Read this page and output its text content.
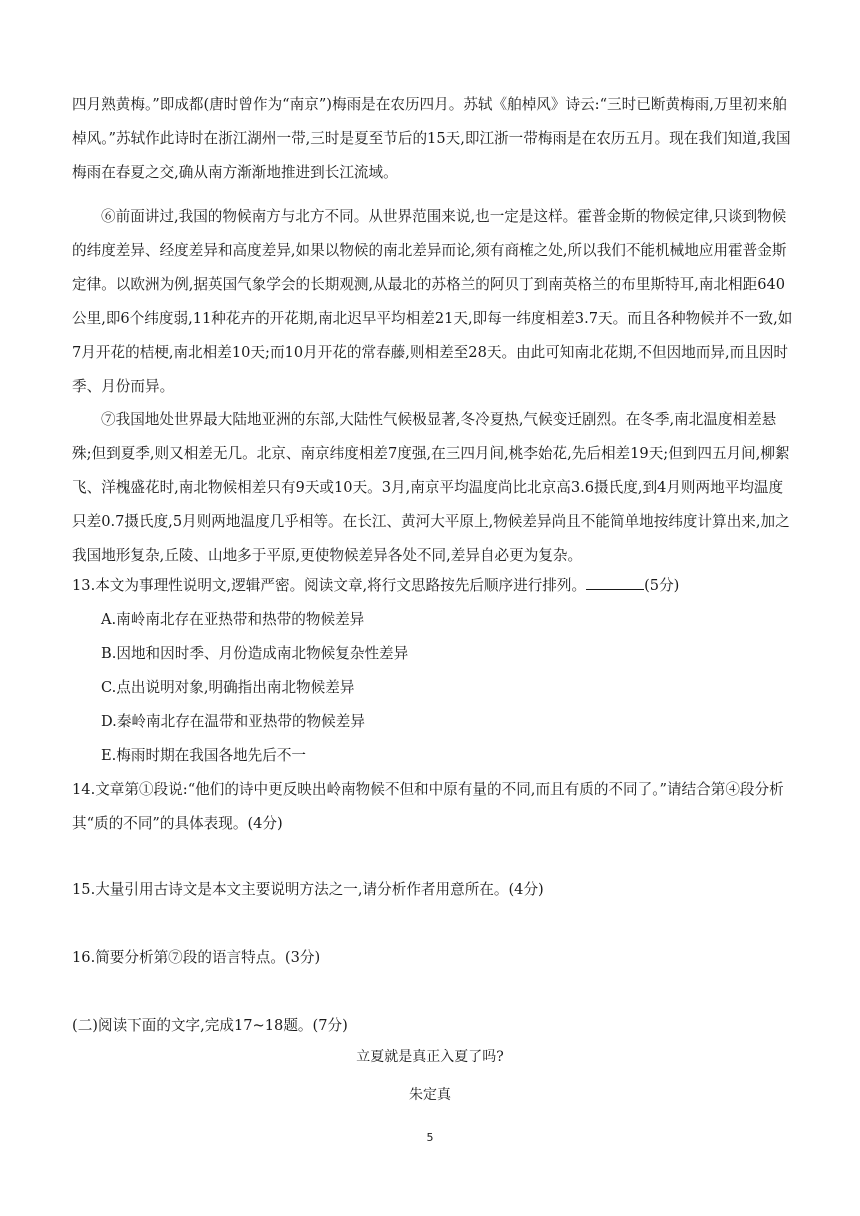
四月熟黄梅。”即成都(唐时曾作为“南京”)梅雨是在农历四月。苏轼《舶棹风》诗云:“三时已断黄梅雨,万里初来舶棹风。”苏轼作此诗时在浙江湖州一带,三时是夏至节后的15天,即江浙一带梅雨是在农历五月。现在我们知道,我国梅雨在春夏之交,确从南方渐渐地推进到长江流域。
⑥前面讲过,我国的物候南方与北方不同。从世界范围来说,也一定是这样。霍普金斯的物候定律,只谈到物候的纬度差异、经度差异和高度差异,如果以物候的南北差异而论,须有商榷之处,所以我们不能机械地应用霍普金斯定律。以欧洲为例,据英国气象学会的长期观测,从最北的苏格兰的阿贝丁到南英格兰的布里斯特耳,南北相距640公里,即6个纬度弱,11种花卉的开花期,南北迟早平均相差21天,即每一纬度相差3.7天。而且各种物候并不一致,如7月开花的桔梗,南北相差10天;而10月开花的常春藤,则相差至28天。由此可知南北花期,不但因地而异,而且因时季、月份而异。
⑦我国地处世界最大陆地亚洲的东部,大陆性气候极显著,冬冷夏热,气候变迁剧烈。在冬季,南北温度相差悬殊;但到夏季,则又相差无几。北京、南京纬度相差7度强,在三四月间,桃李始花,先后相差19天;但到四五月间,柳絮飞、洋槐盛花时,南北物候相差只有9天或10天。3月,南京平均温度尚比北京高3.6摄氏度,到4月则两地平均温度只差0.7摄氏度,5月则两地温度几乎相等。在长江、黄河大平原上,物候差异尚且不能简单地按纬度计算出来,加之我国地形复杂,丘陵、山地多于平原,更使物候差异各处不同,差异自必更为复杂。
13.本文为事理性说明文,逻辑严密。阅读文章,将行文思路按先后顺序进行排列。	(5分)
A.南岭南北存在亚热带和热带的物候差异
B.因地和因时季、月份造成南北物候复杂性差异
C.点出说明对象,明确指出南北物候差异
D.秦岭南北存在温带和亚热带的物候差异
E.梅雨时期在我国各地先后不一
14.文章第①段说:“他们的诗中更反映出岭南物候不但和中原有量的不同,而且有质的不同了。”请结合第④段分析其“质的不同”的具体表现。(4分)
15.大量引用古诗文是本文主要说明方法之一,请分析作者用意所在。(4分)
16.简要分析第⑦段的语言特点。(3分)
(二)阅读下面的文字,完成17~18题。(7分)
立夏就是真正入夏了吗?
朱定真
5
